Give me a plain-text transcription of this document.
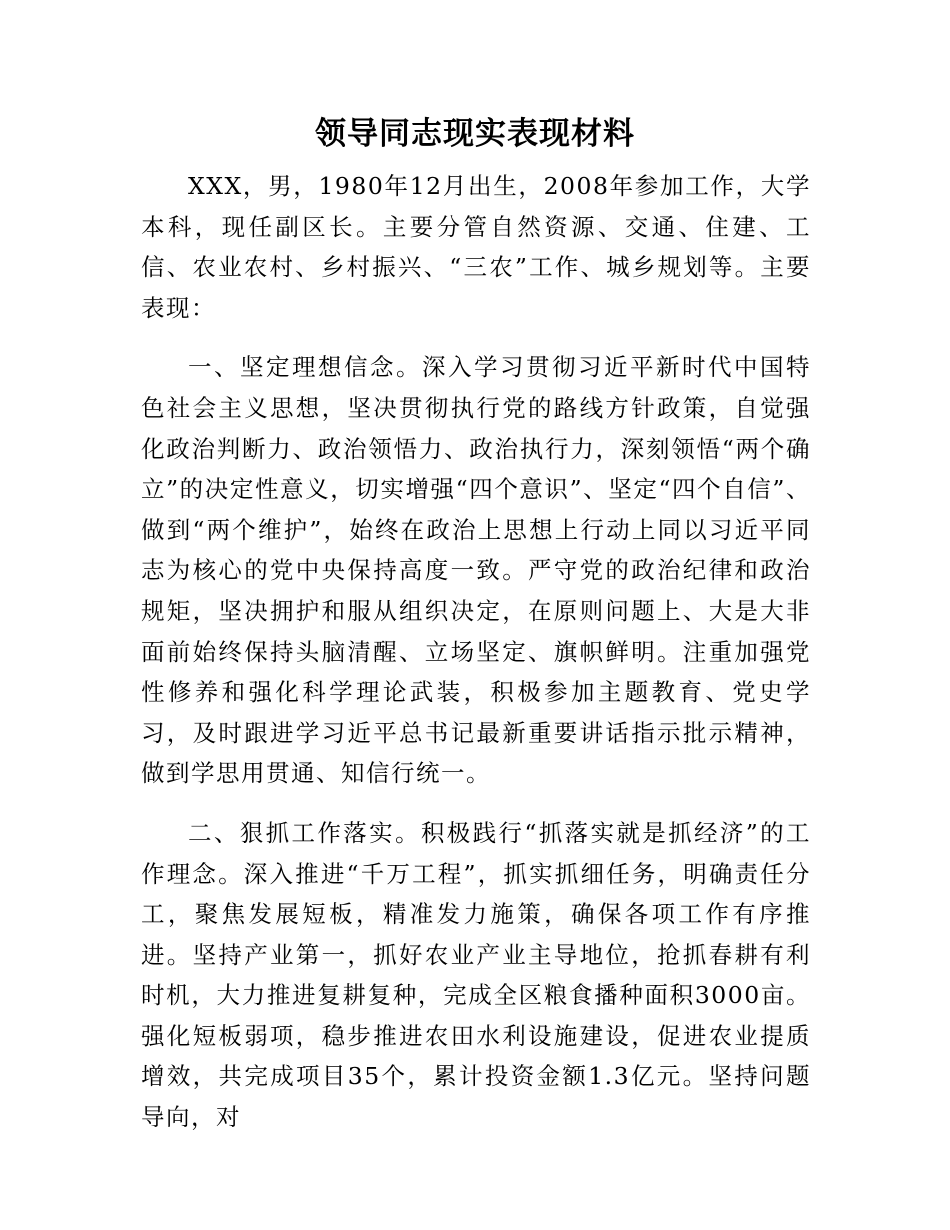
领导同志现实表现材料

XXX，男，1980年12月出生，2008年参加工作，大学本科，现任副区长。主要分管自然资源、交通、住建、工信、农业农村、乡村振兴、“三农”工作、城乡规划等。主要表现：

一、坚定理想信念。深入学习贯彻习近平新时代中国特色社会主义思想，坚决贯彻执行党的路线方针政策，自觉强化政治判断力、政治领悟力、政治执行力，深刻领悟“两个确立”的决定性意义，切实增强“四个意识”、坚定“四个自信”、做到“两个维护”，始终在政治上思想上行动上同以习近平同志为核心的党中央保持高度一致。严守党的政治纪律和政治规矩，坚决拥护和服从组织决定，在原则问题上、大是大非面前始终保持头脑清醒、立场坚定、旗帜鲜明。注重加强党性修养和强化科学理论武装，积极参加主题教育、党史学习，及时跟进学习近平总书记最新重要讲话指示批示精神，做到学思用贯通、知信行统一。

二、狠抓工作落实。积极践行“抓落实就是抓经济”的工作理念。深入推进“千万工程”，抓实抓细任务，明确责任分工，聚焦发展短板，精准发力施策，确保各项工作有序推进。坚持产业第一，抓好农业产业主导地位，抢抓春耕有利时机，大力推进复耕复种，完成全区粮食播种面积3000亩。强化短板弱项，稳步推进农田水利设施建设，促进农业提质增效，共完成项目35个，累计投资金额1.3亿元。坚持问题导向，对
